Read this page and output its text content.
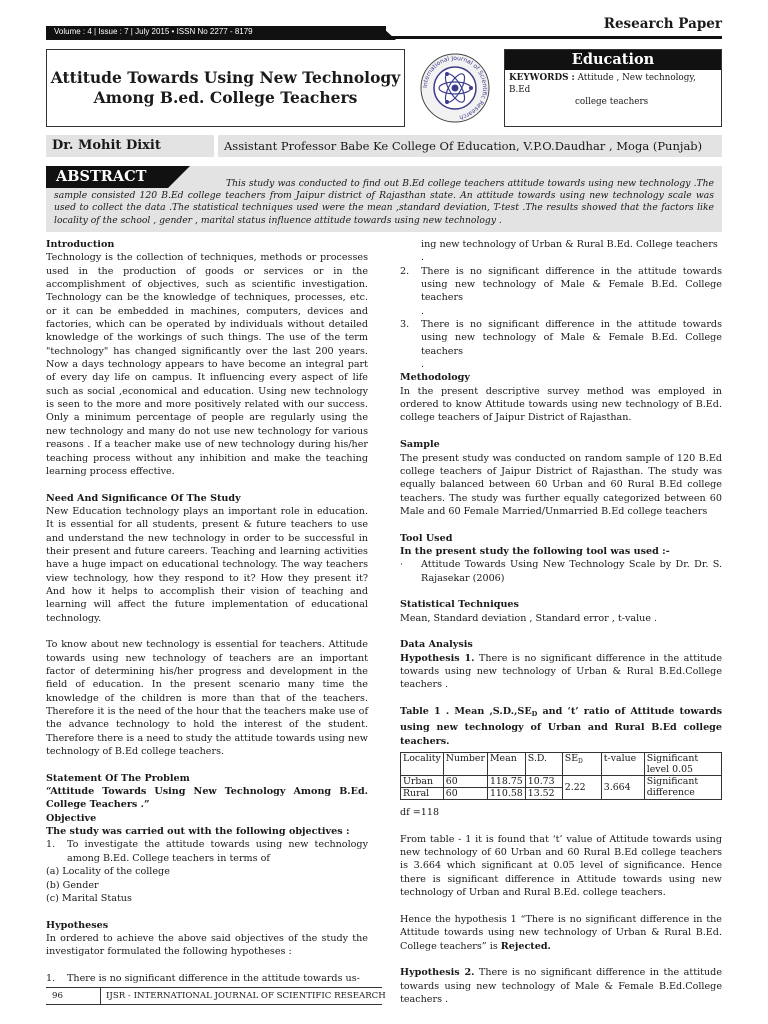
Research Paper
Volume : 4 | Issue : 7 | July 2015 • ISSN No 2277 - 8179
Attitude Towards Using New Technology
Among B.ed. College Teachers
International Journal of Scientific Research
Education
KEYWORDS : Attitude , New technology, B.Ed
college teachers
Dr. Mohit Dixit	Assistant Professor Babe Ke College Of Education, V.P.O.Daudhar , Moga (Punjab)
This study was conducted to find out B.Ed college teachers attitude towards using new technology .The sample consisted 120 B.Ed college teachers from Jaipur district of Rajasthan state. An attitude towards using new technology scale was used to collect the data .The statistical techniques used were the mean ,standard deviation, T-test .The results showed that the factors like locality of the school , gender , marital status influence attitude towards using new technology .
ABSTRACT

Introduction

Technology is the collection of techniques, methods or processes used in the production of goods or services or in the accomplishment of objectives, such as scientific investigation. Technology can be the knowledge of techniques, processes, etc. or it can be embedded in machines, computers, devices and factories, which can be operated by individuals without detailed knowledge of the workings of such things. The use of the term "technology" has changed significantly over the last 200 years. Now a days technology appears to have become an integral part of every day life on campus. It influencing every aspect of life such as social ,economical and education. Using new technology is seen to the more and more positively related with our success. Only a minimum percentage of people are regularly using the new technology and many do not use new technology for various reasons . If a teacher make use of new technology during his/her teaching process without any inhibition and make the teaching learning process effective.

Need And Significance Of The Study

New Education technology plays an important role in education. It is essential for all students, present & future teachers to use and understand the new technology in order to be successful in their present and future careers. Teaching and learning activities have a huge impact on educational technology. The way teachers view technology, how they respond to it? How they present it? And how it helps to accomplish their vision of teaching and learning will affect the future implementation of educational technology.

To know about new technology is essential for teachers. Attitude towards using new technology of teachers are an important factor of determining his/her progress and development in the field of education. In the present scenario many time the knowledge of the children is more than that of the teachers. Therefore it is the need of the hour that the teachers make use of the advance technology to hold the interest of the student. Therefore there is a need to study the attitude towards using new technology of B.Ed college teachers.

Statement Of The Problem

“Attitude Towards Using New Technology Among B.Ed. College Teachers .”

Objective

The study was carried out with the following objectives :

1.	To investigate the attitude towards using new technology among B.Ed. College teachers in terms of

(a) Locality of the college

(b) Gender

(c) Marital Status

Hypotheses

In ordered to achieve the above said objectives of the study the investigator formulated the following hypotheses :

1.	There is no significant difference in the attitude towards us-

ing new technology of Urban & Rural B.Ed. College teachers

.

2.	There is no significant difference in the attitude towards using new technology of Male & Female B.Ed. College teachers

.

3.	There is no significant difference in the attitude towards using new technology of Male & Female B.Ed. College teachers

.

Methodology

In the present descriptive survey method was employed in ordered to know Attitude towards using new technology of B.Ed. college teachers of Jaipur District of Rajasthan.

Sample

The present study was conducted on random sample of 120 B.Ed college teachers of Jaipur District of Rajasthan. The study was equally balanced between 60 Urban and 60 Rural B.Ed college teachers. The study was further equally categorized between 60 Male and 60 Female Married/Unmarried B.Ed college teachers

Tool Used

In the present study the following tool was used :-

·	Attitude Towards Using New Technology Scale by Dr. Dr. S. Rajasekar (2006)

Statistical Techniques

Mean, Standard deviation , Standard error , t-value .

Data Analysis

Hypothesis 1. There is no significant difference in the attitude towards using new technology of Urban & Rural B.Ed.College teachers .

Table 1 . Mean $,S.D.,SE_D$ and ‘t’ ratio of Attitude towards using new technology of Urban and Rural B.Ed college teachers.

Locality	Number	Mean	S.D.	$SE_D$	t-value	Significant level 0.05
Urban	60	118.75	10.73	2.22	3.664	Significant difference
Rural	60	110.58	13.52			

df =118

From table - 1 it is found that ‘t’ value of Attitude towards using new technology of 60 Urban and 60 Rural B.Ed college teachers is 3.664 which significant at 0.05 level of significance. Hence there is significant difference in Attitude towards using new technology of Urban and Rural B.Ed. college teachers.

Hence the hypothesis 1 “There is no significant difference in the Attitude towards using new technology of Urban & Rural B.Ed. College teachers” is Rejected.

Hypothesis 2. There is no significant difference in the attitude towards using new technology of Male & Female B.Ed.College teachers .

96	IJSR - INTERNATIONAL JOURNAL OF SCIENTIFIC RESEARCH
